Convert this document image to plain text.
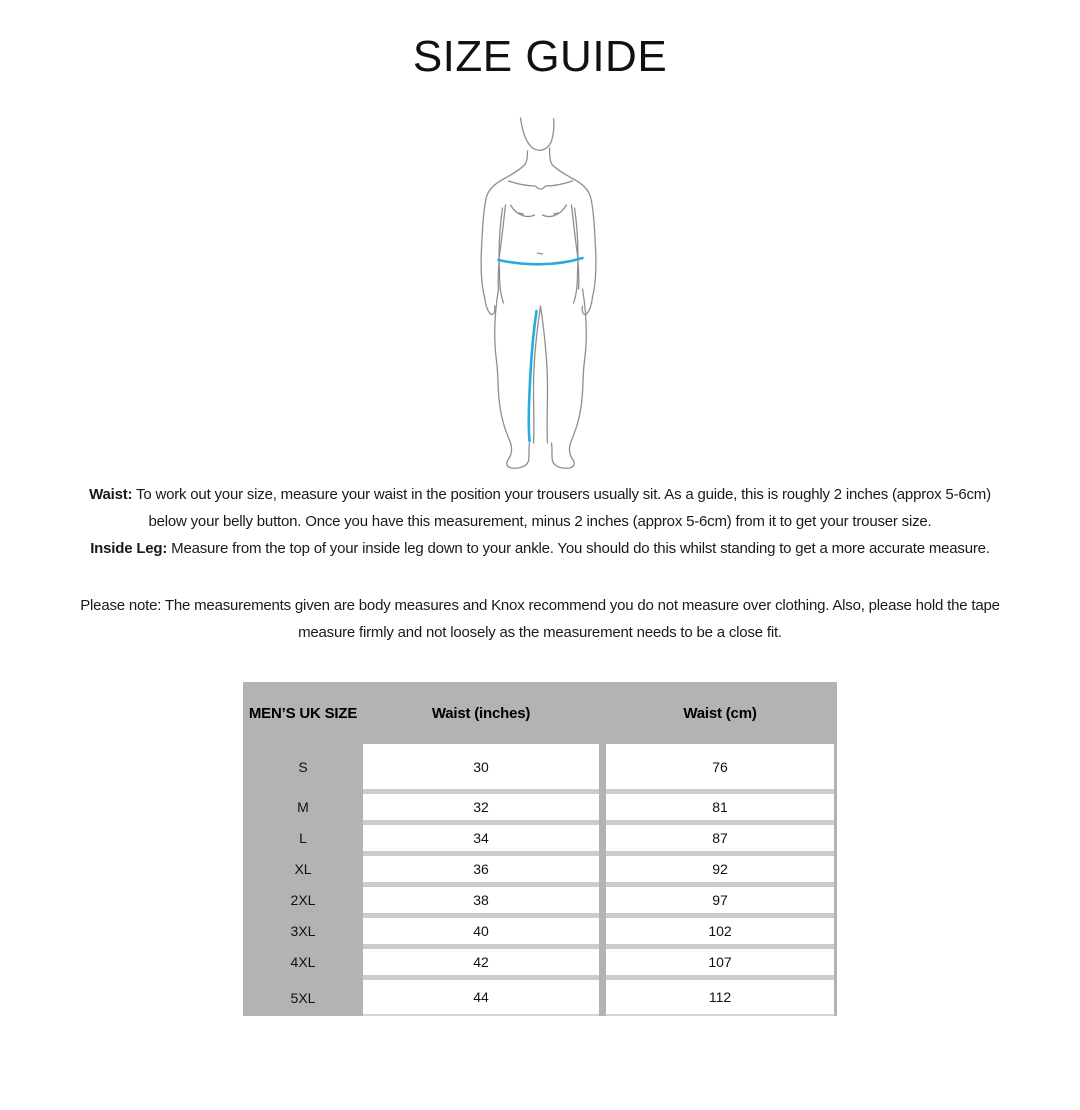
SIZE GUIDE
Waist: To work out your size, measure your waist in the position your trousers usually sit. As a guide, this is roughly 2 inches (approx 5-6cm)
below your belly button. Once you have this measurement, minus 2 inches (approx 5-6cm) from it to get your trouser size.
Inside Leg: Measure from the top of your inside leg down to your ankle. You should do this whilst standing to get a more accurate measure.
Please note: The measurements given are body measures and Knox recommend you do not measure over clothing. Also, please hold the tape
measure firmly and not loosely as the measurement needs to be a close fit.
MEN’S UK SIZE	Waist (inches)	Waist (cm)
S	30	76
M	32	81
L	34	87
XL	36	92
2XL	38	97
3XL	40	102
4XL	42	107
5XL	44	112
